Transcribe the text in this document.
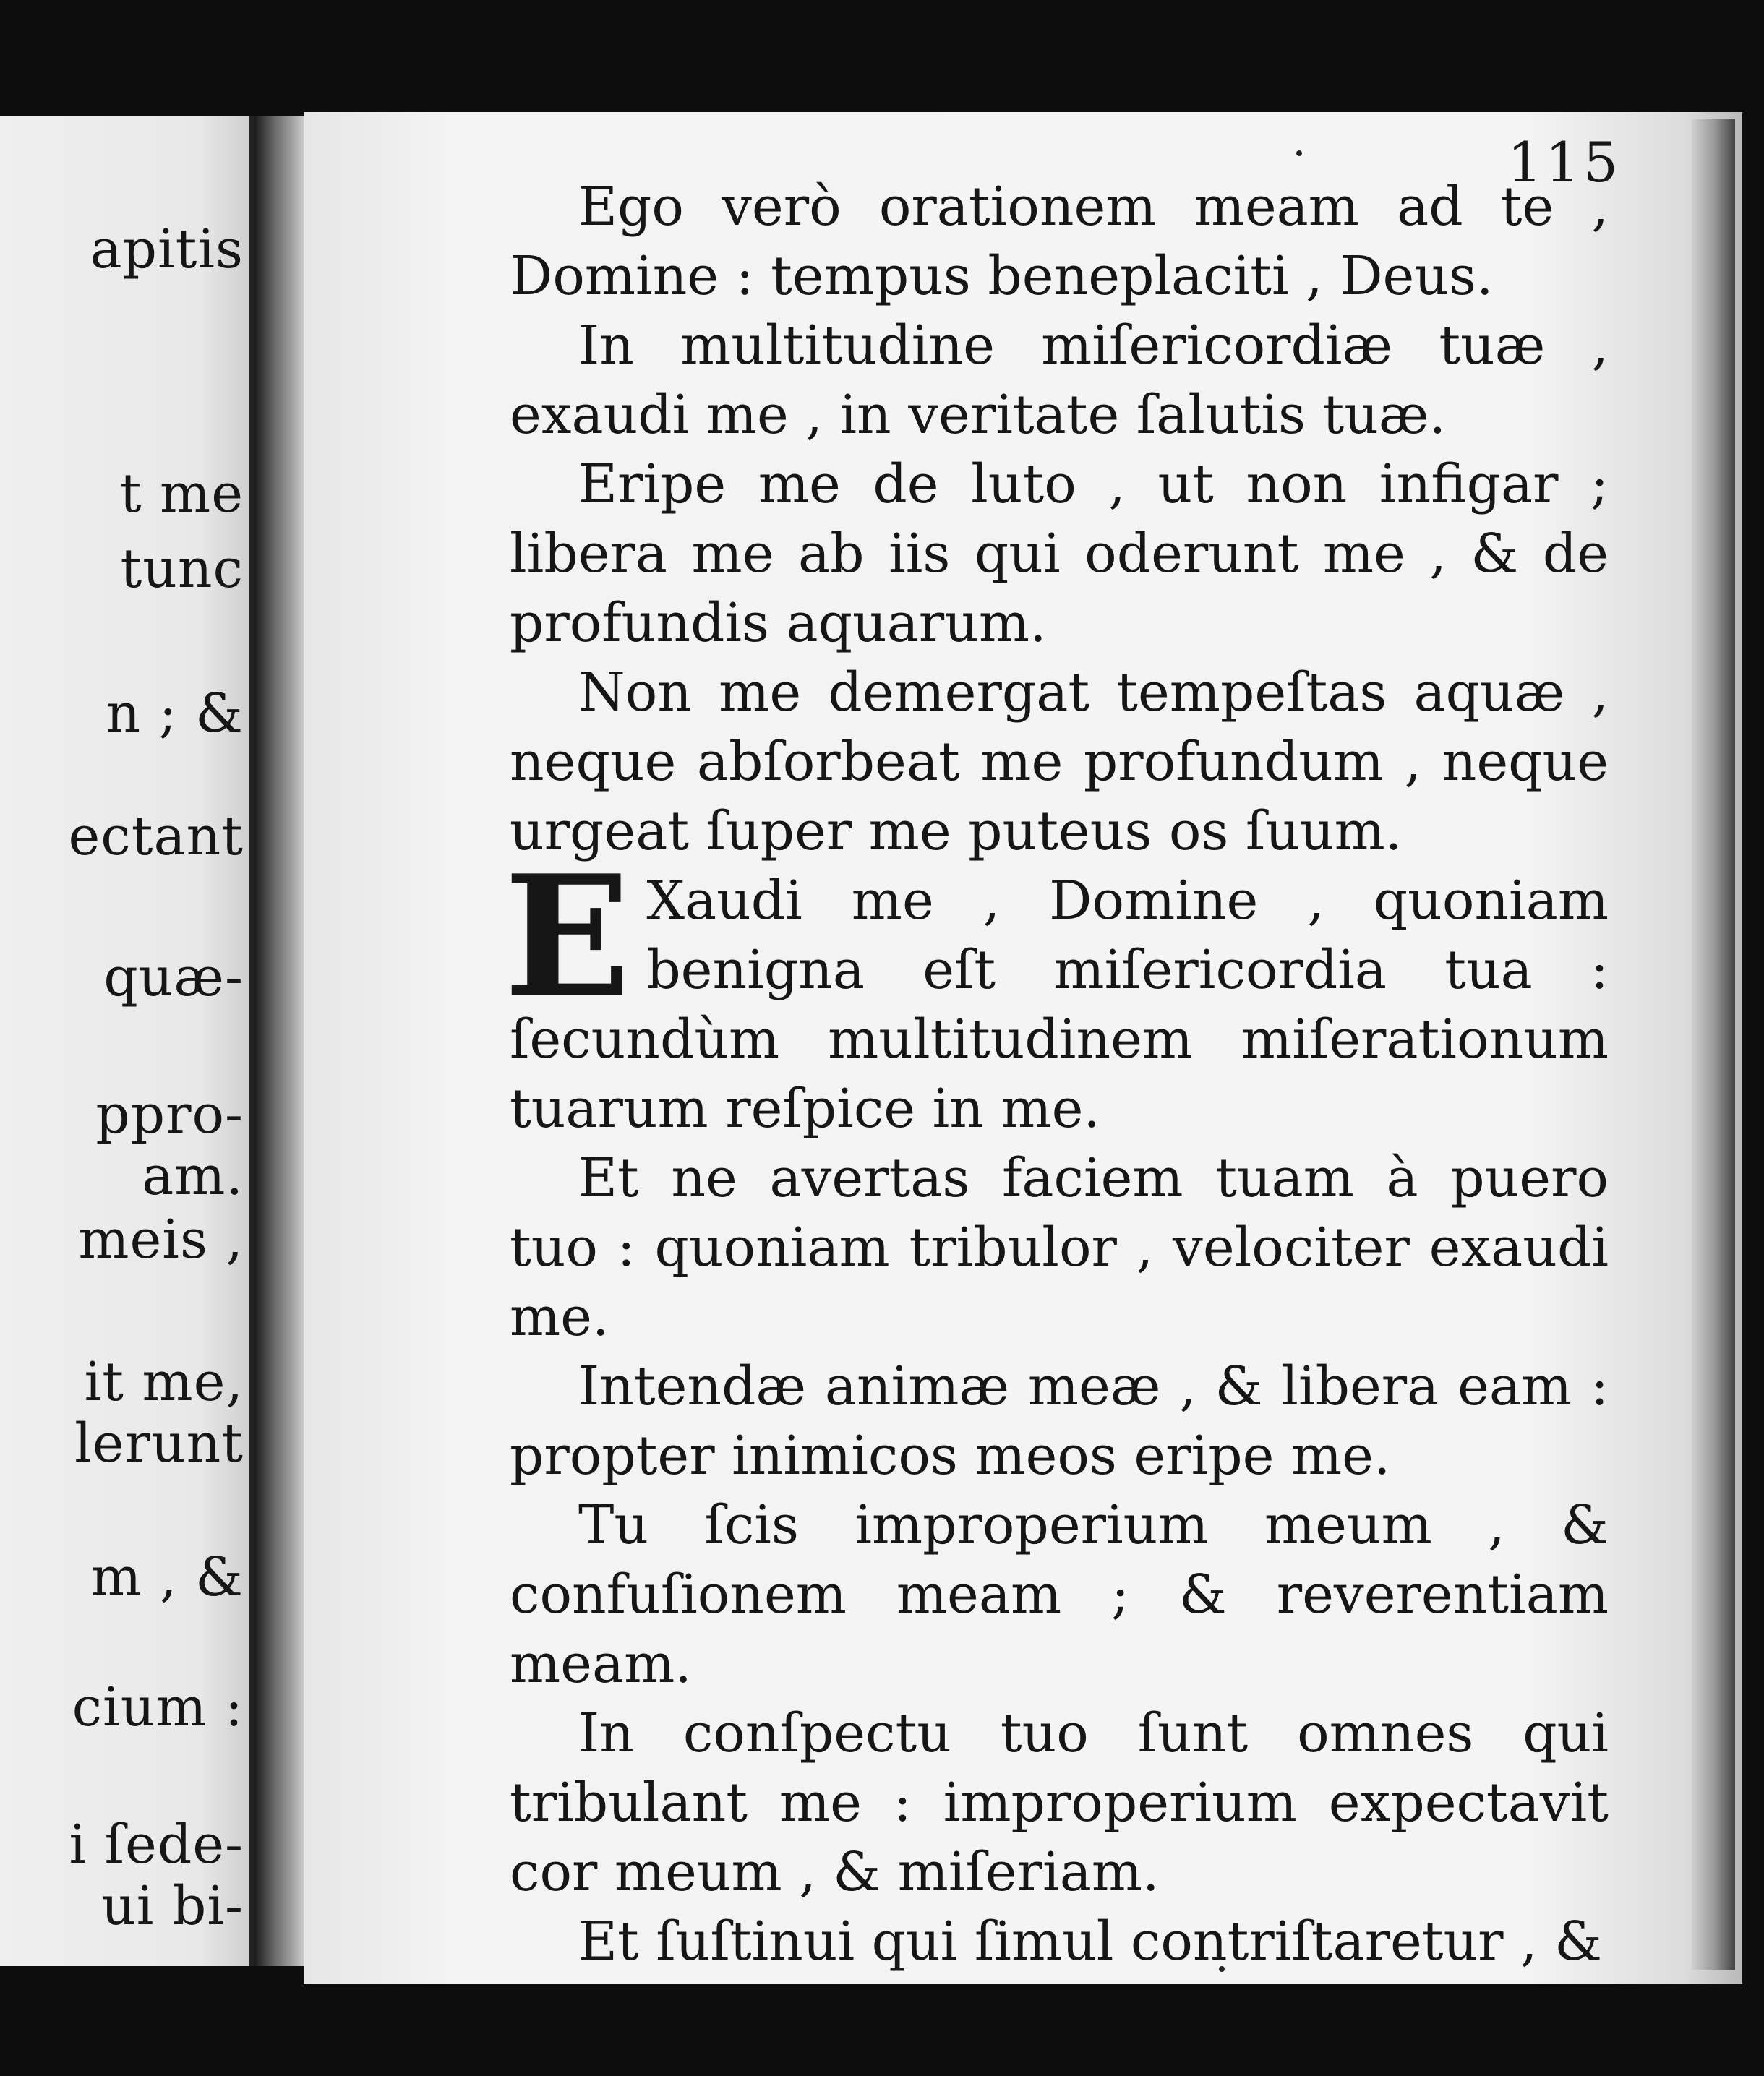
apitis
t me
tunc
n ; &
ectant
quæ-
ppro-
am.
meis ,
it me,
lerunt
m , &
cium :
i ſede-
ui bi-
115

Ego verò orationem meam ad te , Domine : tempus beneplaciti , Deus.

In multitudine miſericordiæ tuæ , exaudi me , in veritate ſalutis tuæ.

Eripe me de luto , ut non infigar ; libera me ab iis qui oderunt me , & de profundis aquarum.

Non me demergat tempeſtas aquæ , neque abſorbeat me profundum , neque urgeat ſuper me puteus os ſuum.

E Xaudi me , Domine , quoniam benigna eſt miſericordia tua : ſecundùm multitudinem miſerationum tuarum reſpice in me.

Et ne avertas faciem tuam à puero tuo : quoniam tribulor , velociter exaudi me.

Intendæ animæ meæ , & libera eam : propter inimicos meos eripe me.

Tu ſcis improperium meum , & confuſionem meam ; & reverentiam meam.

In conſpectu tuo ſunt omnes qui tribulant me : improperium expectavit cor meum , & miſeriam.

Et ſuſtinui qui ſimul contriſtaretur , &
